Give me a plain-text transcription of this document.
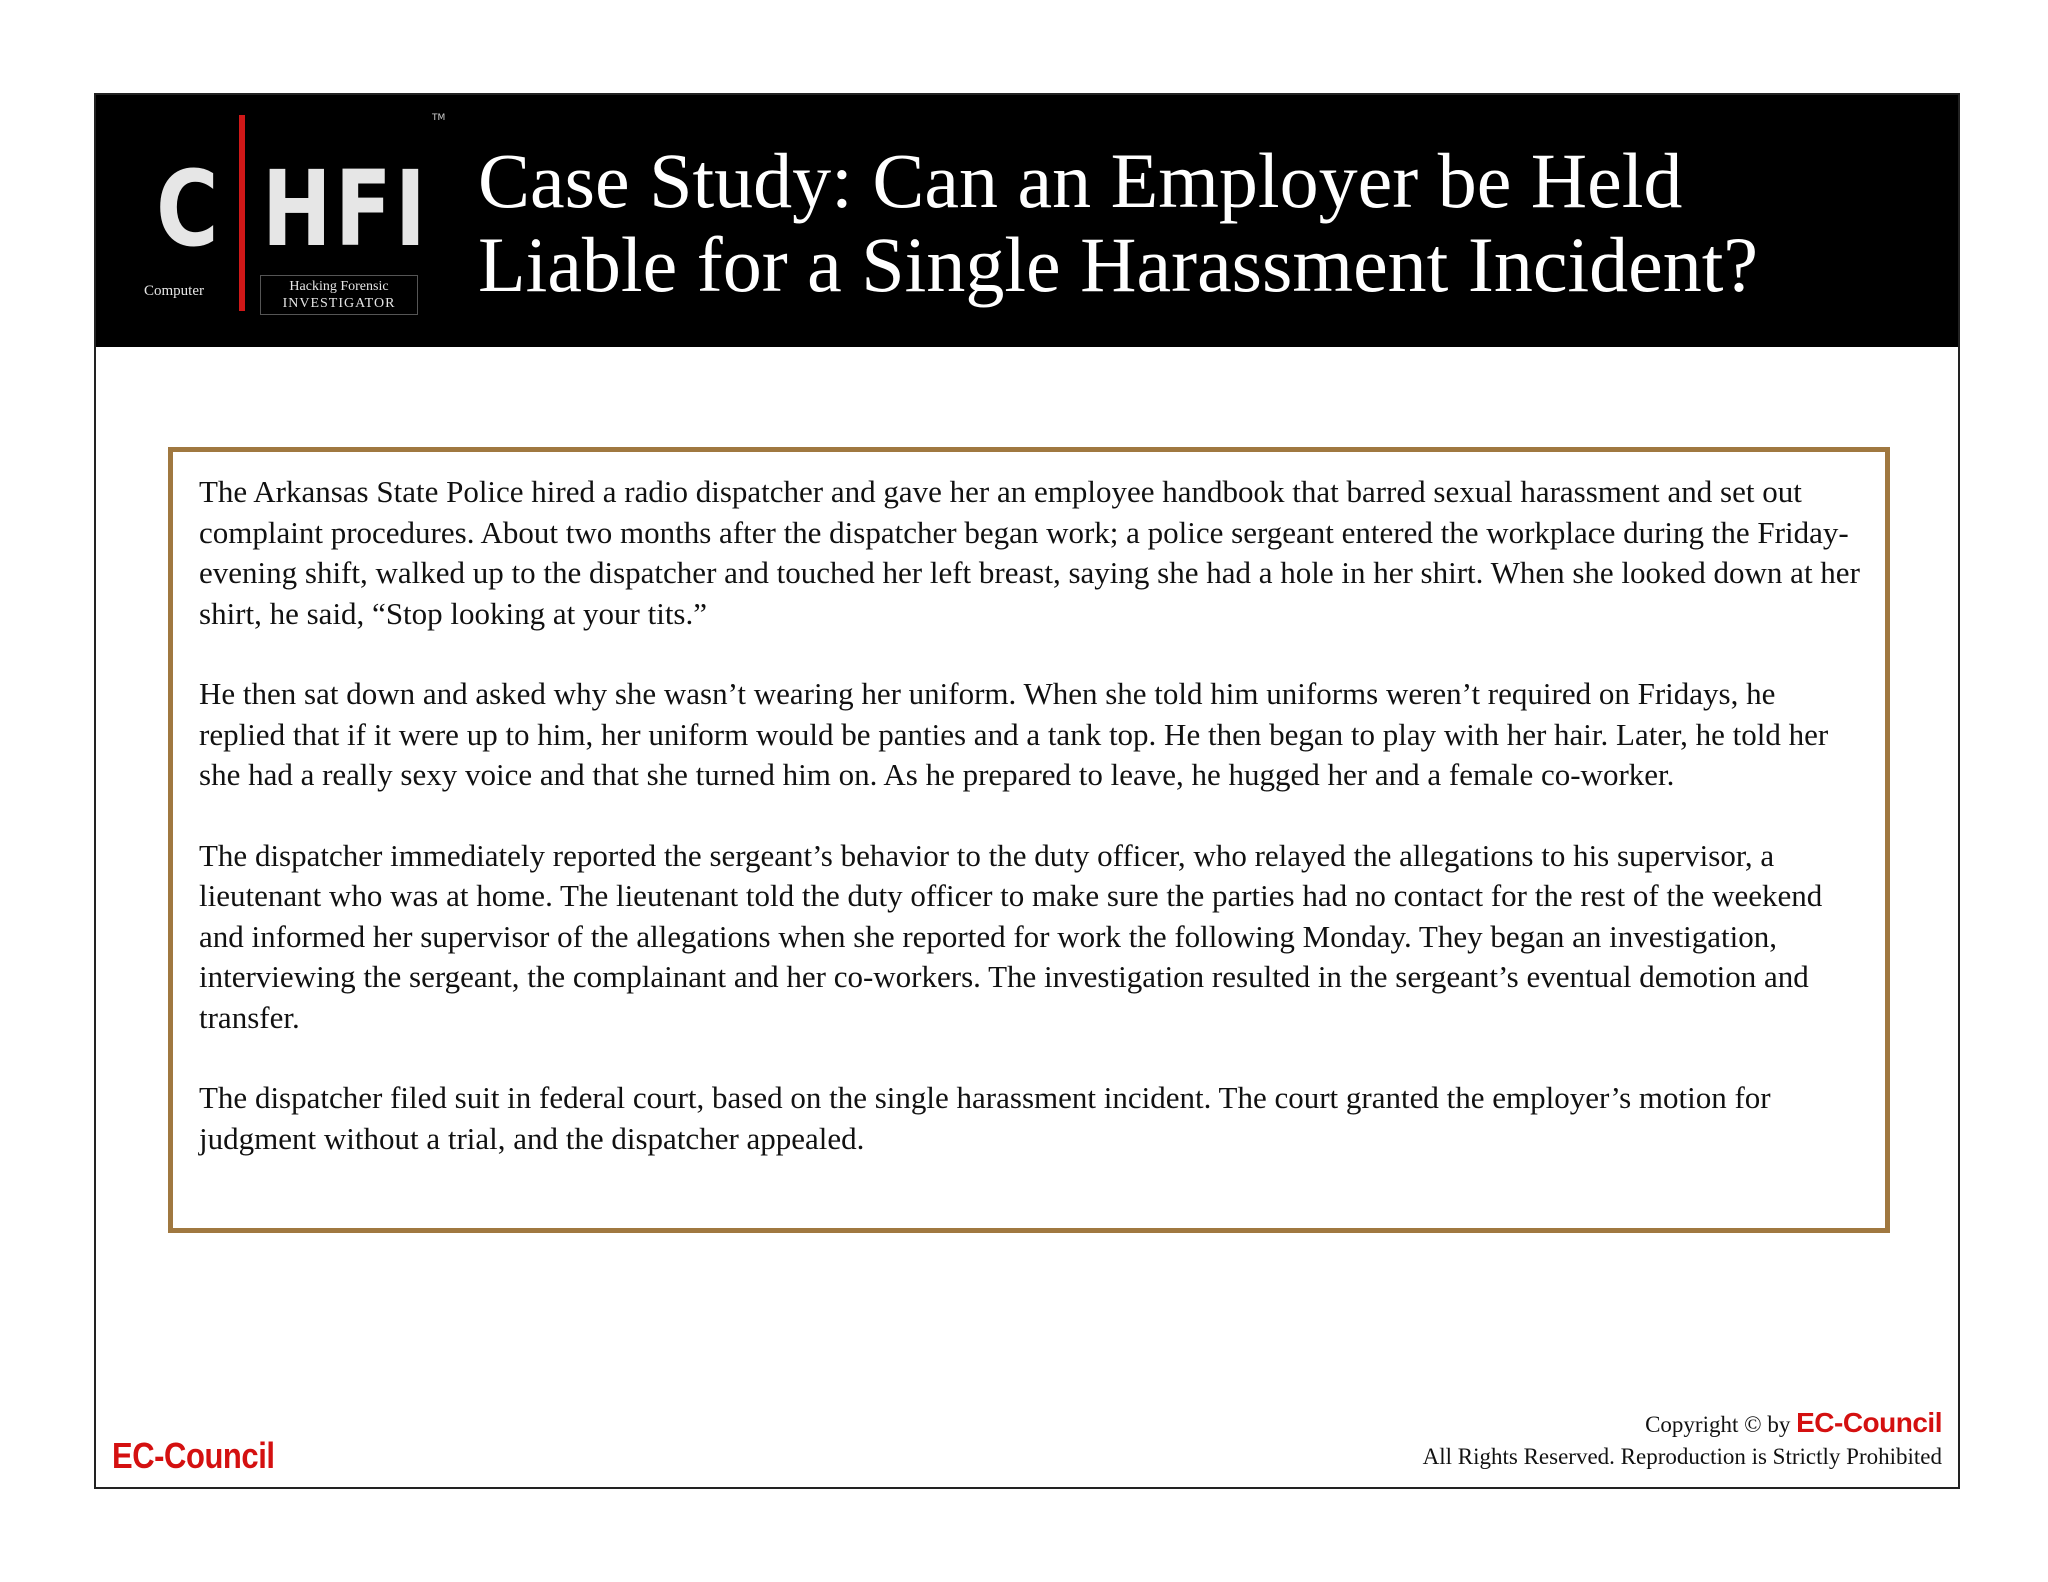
C HFI
TM
Computer	Hacking Forensic
INVESTIGATOR
Case Study: Can an Employer be Held
Liable for a Single Harassment Incident?

The Arkansas State Police hired a radio dispatcher and gave her an employee handbook that barred sexual harassment and set out complaint procedures. About two months after the dispatcher began work; a police sergeant entered the workplace during the Friday-evening shift, walked up to the dispatcher and touched her left breast, saying she had a hole in her shirt. When she looked down at her shirt, he said, “Stop looking at your tits.”

He then sat down and asked why she wasn’t wearing her uniform. When she told him uniforms weren’t required on Fridays, he replied that if it were up to him, her uniform would be panties and a tank top. He then began to play with her hair. Later, he told her she had a really sexy voice and that she turned him on. As he prepared to leave, he hugged her and a female co-worker.

The dispatcher immediately reported the sergeant’s behavior to the duty officer, who relayed the allegations to his supervisor, a lieutenant who was at home. The lieutenant told the duty officer to make sure the parties had no contact for the rest of the weekend and informed her supervisor of the allegations when she reported for work the following Monday. They began an investigation, interviewing the sergeant, the complainant and her co-workers. The investigation resulted in the sergeant’s eventual demotion and transfer.

The dispatcher filed suit in federal court, based on the single harassment incident. The court granted the employer’s motion for judgment without a trial, and the dispatcher appealed.

EC-Council
Copyright © by EC-Council
All Rights Reserved. Reproduction is Strictly Prohibited
